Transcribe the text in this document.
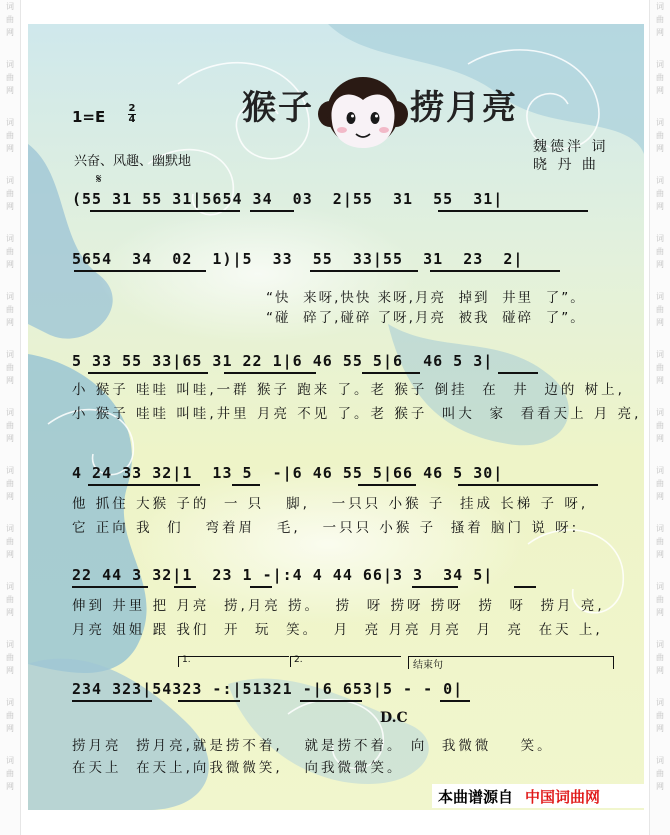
词
曲
网
词
曲
网
词
曲
网
词
曲
网
词
曲
网
词
曲
网
词
曲
网
词
曲
网
词
曲
网
词
曲
网
词
曲
网
词
曲
网
词
曲
网
词
曲
网
词
曲
网
词
曲
网
词
曲
网
词
曲
网
词
曲
网
词
曲
网
词
曲
网
词
曲
网
词
曲
网
词
曲
网
词
曲
网
词
曲
网
词
曲
网
词
曲
网
猴子	捞月亮
1=E 2
4
兴奋、风趣、幽默地
魏德泮 词
晓 丹 曲
𝄋
(55 31 55 31|5654 34  03  2|55  31  55  31|
5654  34  02  1)|5  33  55  33|55  31  23  2|
“快  来呀,快快 来呀,月亮  掉到  井里  了”。
“碰  碎了,碰碎 了呀,月亮  被我  碰碎  了”。
5 33 55 33|65 31 22 1|6 46 55 5|6  46 5 3|
小 猴子 哇哇 叫哇,一群 猴子 跑来 了。老 猴子 倒挂  在  井  边的 树上,
小 猴子 哇哇 叫哇,井里 月亮 不见 了。老 猴子  叫大  家  看看天上 月 亮,
4 24 33 32|1  13 5  -|6 46 55 5|66 46 5 30|
他 抓住 大猴 子的  一 只   脚,   一只只 小猴 子  挂成 长梯 子 呀,
它 正向 我  们   弯着眉   毛,   一只只 小猴 子  搔着 脑门 说 呀:
22 44 3 32|1  23 1 -|:4 4 44 66|3 3  34 5|
伸到 井里 把 月亮  捞,月亮 捞。  捞  呀 捞呀 捞呀  捞  呀  捞月 亮,
月亮 姐姐 跟 我们  开  玩  笑。  月  亮 月亮 月亮  月  亮  在天 上,
1.	2.	结束句
234 323|54323 -:|51321 -|6 653|5 - - 0|
D.C
捞月亮  捞月亮,就是捞不着,   就是捞不着。 向  我微微    笑。
在天上  在天上,向我微微笑,   向我微微笑。
本曲谱源自 中国词曲网
